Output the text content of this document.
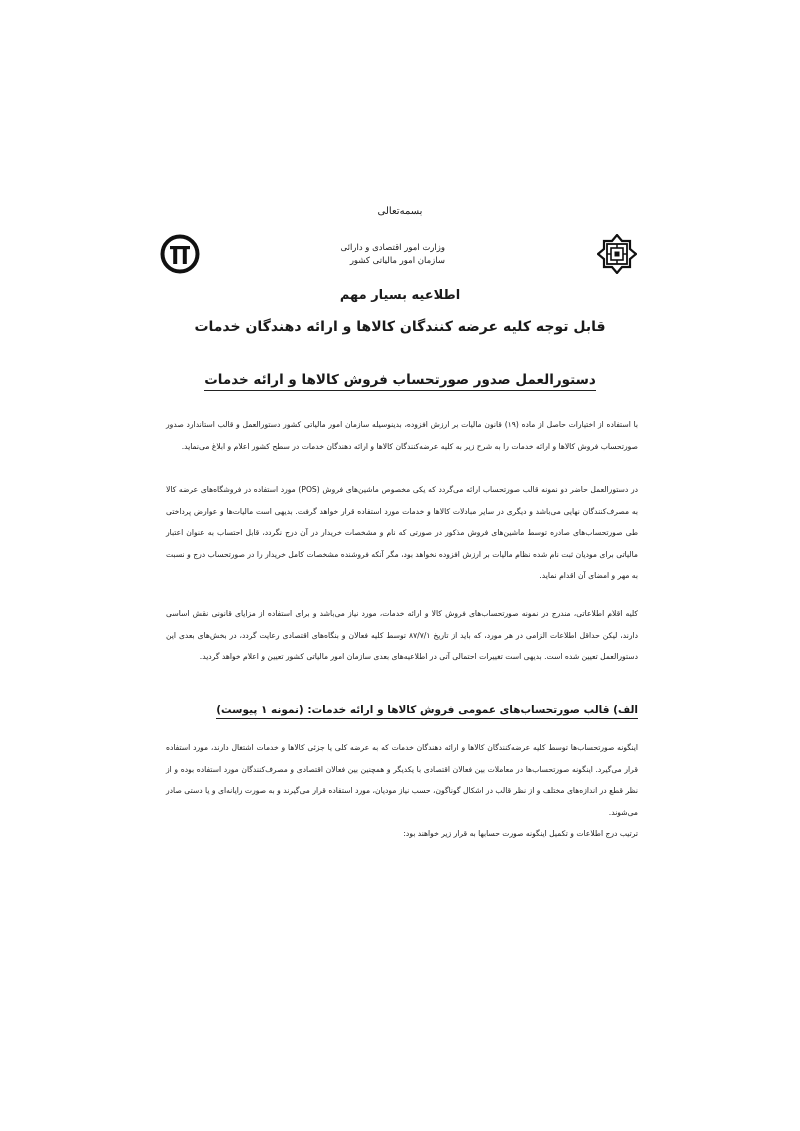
بسمه‌تعالی
وزارت امور اقتصادی و دارائی
سازمان امور مالیاتی کشور
اطلاعیه بسیار مهم
قابل توجه کلیه عرضه کنندگان کالاها و ارائه دهندگان خدمات
دستورالعمل صدور صورتحساب فروش کالاها و ارائه خدمات

با استفاده از اختیارات حاصل از ماده (۱۹) قانون مالیات بر ارزش افزوده، بدینوسیله سازمان امور مالیاتی کشور دستورالعمل و قالب استاندارد صدور صورتحساب فروش کالاها و ارائه خدمات را به شرح زیر به کلیه عرضه‌کنندگان کالاها و ارائه دهندگان خدمات در سطح کشور اعلام و ابلاغ می‌نماید.

در دستورالعمل حاضر دو نمونه قالب صورتحساب ارائه می‌گردد که یکی مخصوص ماشین‌های فروش (POS) مورد استفاده در فروشگاه‌های عرضه کالا به مصرف‌کنندگان نهایی می‌باشد و دیگری در سایر مبادلات کالاها و خدمات مورد استفاده قرار خواهد گرفت. بدیهی است مالیات‌ها و عوارض پرداختی طی صورتحساب‌های صادره توسط ماشین‌های فروش مذکور در صورتی که نام و مشخصات خریدار در آن درج نگردد، قابل احتساب به عنوان اعتبار مالیاتی برای مودیان ثبت نام شده نظام مالیات بر ارزش افزوده نخواهد بود، مگر آنکه فروشنده مشخصات کامل خریدار را در صورتحساب درج و نسبت به مهر و امضای آن اقدام نماید.

کلیه اقلام اطلاعاتی، مندرج در نمونه صورتحساب‌های فروش کالا و ارائه خدمات، مورد نیاز می‌باشد و برای استفاده از مزایای قانونی نقش اساسی دارند، لیکن حداقل اطلاعات الزامی در هر مورد، که باید از تاریخ ۸۷/۷/۱ توسط کلیه فعالان و بنگاه‌های اقتصادی رعایت گردد، در بخش‌های بعدی این دستورالعمل تعیین شده است. بدیهی است تغییرات احتمالی آتی در اطلاعیه‌های بعدی سازمان امور مالیاتی کشور تعیین و اعلام خواهد گردید.

الف) قالب صورتحساب‌های عمومی فروش کالاها و ارائه خدمات: (نمونه ۱ پیوست)

اینگونه صورتحساب‌ها توسط کلیه عرضه‌کنندگان کالاها و ارائه دهندگان خدمات که به عرضه کلی یا جزئی کالاها و خدمات اشتغال دارند، مورد استفاده قرار می‌گیرد. اینگونه صورتحساب‌ها در معاملات بین فعالان اقتصادی با یکدیگر و همچنین بین فعالان اقتصادی و مصرف‌کنندگان مورد استفاده بوده و از نظر قطع در اندازه‌های مختلف و از نظر قالب در اشکال گوناگون، حسب نیاز مودیان، مورد استفاده قرار می‌گیرند و به صورت رایانه‌ای و یا دستی صادر می‌شوند.

ترتیب درج اطلاعات و تکمیل اینگونه صورت حسابها به قرار زیر خواهند بود:
